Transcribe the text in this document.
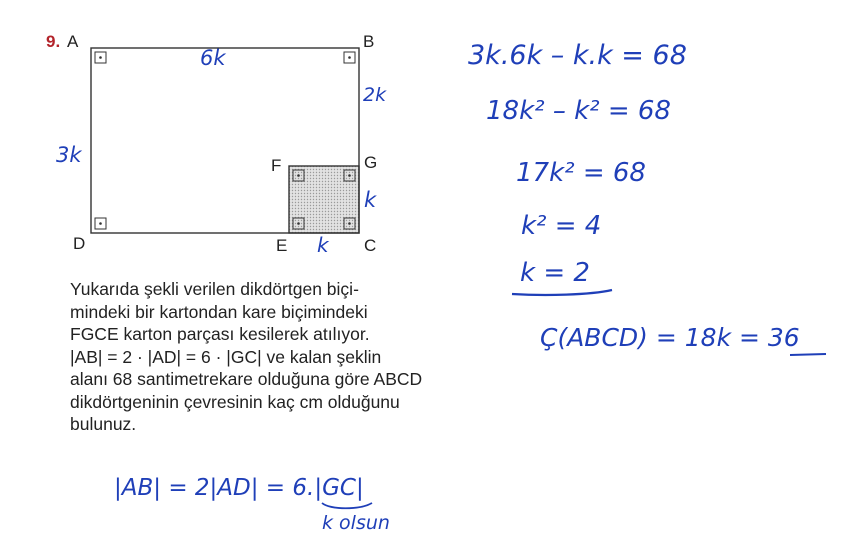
9. A	B
D	E	C
F	G
6k
2k
3k
k
k
Yukarıda şekli verilen dikdörtgen biçi-
mindeki bir kartondan kare biçimindeki
FGCE karton parçası kesilerek atılıyor.
|AB| = 2 · |AD| = 6 · |GC| ve kalan şeklin
alanı 68 santimetrekare olduğuna göre ABCD
dikdörtgeninin çevresinin kaç cm olduğunu
bulunuz.
3k.6k – k.k = 68
18k² – k² = 68
17k² = 68
k² = 4
k = 2
Ç(ABCD) = 18k = 36
|AB| = 2|AD| = 6.|GC|
k olsun
